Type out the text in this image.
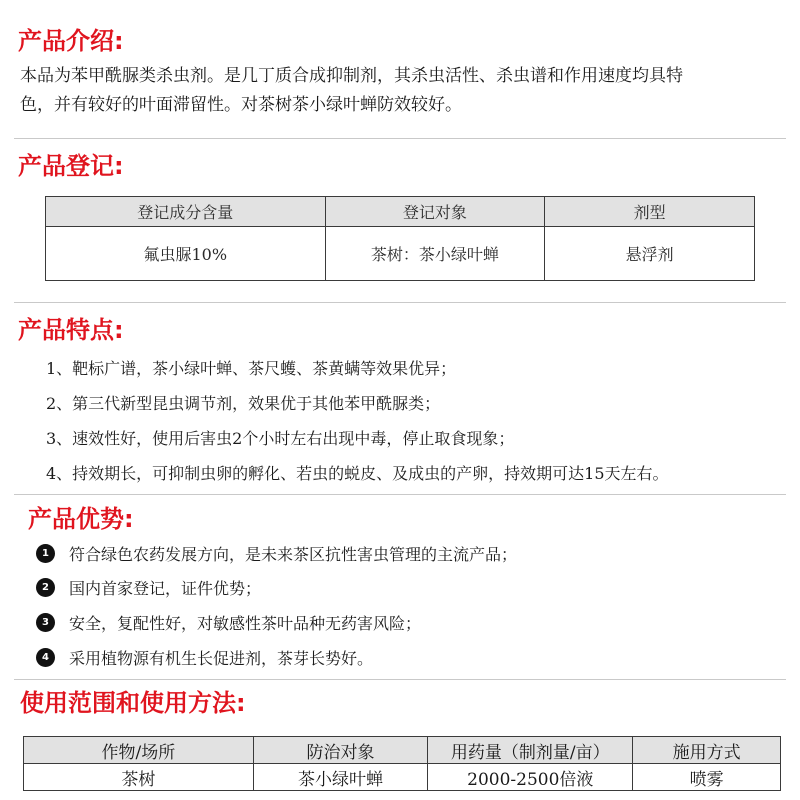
产品介绍:
本品为苯甲酰脲类杀虫剂。是几丁质合成抑制剂，其杀虫活性、杀虫谱和作用速度均具特
色，并有较好的叶面滞留性。对茶树茶小绿叶蝉防效较好。
产品登记:
登记成分含量	登记对象	剂型
氟虫脲10%	茶树：茶小绿叶蝉	悬浮剂
产品特点:
1、靶标广谱，茶小绿叶蝉、茶尺蠖、茶黄螨等效果优异；
2、第三代新型昆虫调节剂，效果优于其他苯甲酰脲类；
3、速效性好，使用后害虫2个小时左右出现中毒，停止取食现象；
4、持效期长，可抑制虫卵的孵化、若虫的蜕皮、及成虫的产卵，持效期可达15天左右。
产品优势:
1	符合绿色农药发展方向，是未来茶区抗性害虫管理的主流产品；
2	国内首家登记，证件优势；
3	安全，复配性好，对敏感性茶叶品种无药害风险；
4	采用植物源有机生长促进剂，茶芽长势好。
使用范围和使用方法:
作物/场所	防治对象	用药量（制剂量/亩）	施用方式
茶树	茶小绿叶蝉	2000-2500倍液	喷雾
